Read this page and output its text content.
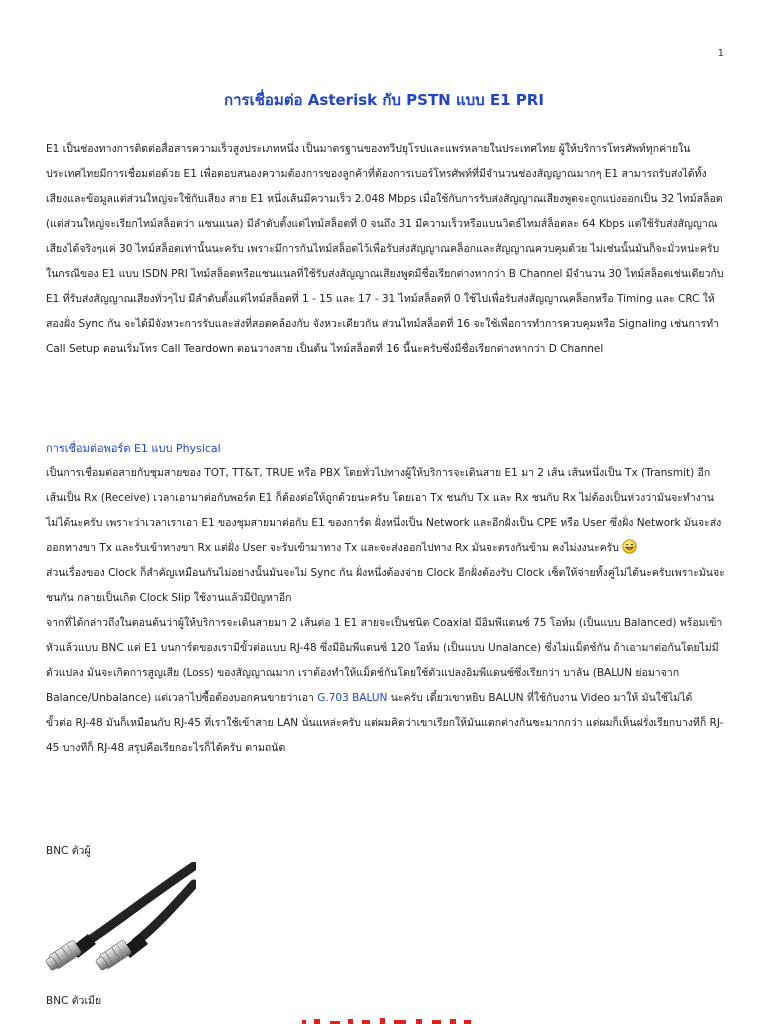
1
การเชื่อมต่อ Asterisk กับ PSTN แบบ E1 PRI

E1 เป็นช่องทางการติดต่อสื่อสารความเร็วสูงประเภทหนึ่ง เป็นมาตรฐานของทวีปยุโรปและแพร่หลายในประเทศไทย ผู้ให้บริการโทรศัพท์ทุกค่ายในประเทศไทยมีการเชื่อมต่อด้วย E1 เพื่อตอบสนองความต้องการของลูกค้าที่ต้องการเบอร์โทรศัพท์ที่มีจำนวนช่องสัญญาณมากๆ E1 สามารถรับส่งได้ทั้งเสียงและข้อมูลแต่ส่วนใหญ่จะใช้กับเสียง สาย E1 หนึ่งเส้นมีความเร็ว 2.048 Mbps เมื่อใช้กับการรับส่งสัญญาณเสียงพูดจะถูกแบ่งออกเป็น 32 ไทม์สล็อต (แต่ส่วนใหญ่จะเรียกไทม์สล็อตว่า แชนแนล) มีลำดับตั้งแต่ไทม์สล็อตที่ 0 จนถึง 31 มีความเร็วหรือแบนวิดธ์ไทมส์ล็อตละ 64 Kbps แต่ใช้รับส่งสัญญาณเสียงได้จริงๆแค่ 30 ไทม์สล็อตเท่านั้นนะครับ เพราะมีการกันไทม์สล็อตไว้เพื่อรับส่งสัญญาณคล็อกและสัญญาณควบคุมด้วย ไม่เช่นนั้นมันก็จะมั่วหน่ะครับ

ในกรณีของ E1 แบบ ISDN PRI ไทม์สล็อตหรือแชนแนลที่ใช้รับส่งสัญญาณเสียงพูดมีชื่อเรียกต่างหากว่า B Channel มีจำนวน 30 ไทม์สล็อตเช่นเดียวกับ E1 ที่รับส่งสัญญาณเสียงทั่วๆไป มีลำดับตั้งแต่ไทม์สล็อตที่ 1 - 15 และ 17 - 31 ไทม์สล็อตที่ 0 ใช้ไปเพื่อรับส่งสัญญาณคล็อกหรือ Timing และ CRC ให้สองฝั่ง Sync กัน จะได้มีจังหวะการรับและส่งที่สอดคล้องกับ จังหวะเดียวกัน ส่วนไทม์สล็อตที่ 16 จะใช้เพื่อการทำการควบคุมหรือ Signaling เช่นการทำ Call Setup ตอนเริ่มโทร Call Teardown ตอนวางสาย เป็นต้น ไทม์สล็อตที่ 16 นี้นะครับซึ่งมีชื่อเรียกต่างหากว่า D Channel

การเชื่อมต่อพอร์ต E1 แบบ Physical

เป็นการเชื่อมต่อสายกับชุมสายของ TOT, TT&T, TRUE หรือ PBX โดยทั่วไปทางผู้ให้บริการจะเดินสาย E1 มา 2 เส้น เส้นหนึ่งเป็น Tx (Transmit) อีกเส้นเป็น Rx (Receive) เวลาเอามาต่อกับพอร์ต E1 ก็ต้องต่อให้ถูกด้วยนะครับ โดยเอา Tx ชนกับ Tx และ Rx ชนกับ Rx ไม่ต้องเป็นห่วงว่ามันจะทำงานไม่ได้นะครับ เพราะว่าเวลาเราเอา E1 ของชุมสายมาต่อกับ E1 ของการ์ด ฝั่งหนึ่งเป็น Network และอีกฝั่งเป็น CPE หรือ User ซึ่งฝั่ง Network มันจะส่งออกทางขา Tx และรับเข้าทางขา Rx แต่ฝั่ง User จะรับเข้ามาทาง Tx และจะส่งออกไปทาง Rx มันจะตรงกันข้าม คงไม่งงนะครับ

ส่วนเรื่องของ Clock ก็สำคัญเหมือนกันไม่อย่างนั้นมันจะไม่ Sync กัน ฝั่งหนึ่งต้องจ่าย Clock อีกฝั่งต้องรับ Clock เซ็ตให้จ่ายทั้งคู่ไม่ได้นะครับเพราะมันจะชนกัน กลายเป็นเกิด Clock Slip ใช้งานแล้วมีปัญหาอีก

จากที่ได้กล่าวถึงในตอนต้นว่าผู้ให้บริการจะเดินสายมา 2 เส้นต่อ 1 E1 สายจะเป็นชนิด Coaxial มีอิมพีแดนซ์ 75 โอห์ม (เป็นแบบ Balanced) พร้อมเข้าหัวแล้วแบบ BNC แต่ E1 บนการ์ดของเรามีขั้วต่อแบบ RJ-48 ซึ่งมีอิมพีแดนซ์ 120 โอห์ม (เป็นแบบ Unalance) ซึ่งไม่แม็ตช์กัน ถ้าเอามาต่อกันโดยไม่มีตัวแปลง มันจะเกิดการสูญเสีย (Loss) ของสัญญาณมาก เราต้องทำให้แม็ตช์กันโดยใช้ตัวแปลงอิมพีแดนซ์ซึ่งเรียกว่า บาลัน (BALUN ย่อมาจาก Balance/Unbalance) แต่เวลาไปซื้อต้องบอกคนขายว่าเอา G.703 BALUN นะครับ เดี๋ยวเขาหยิบ BALUN ที่ใช้กับงาน Video มาให้ มันใช้ไม่ได้

ขั้วต่อ RJ-48 มันก็เหมือนกับ RJ-45 ที่เราใช้เข้าสาย LAN นั่นแหล่ะครับ แต่ผมคิดว่าเขาเรียกให้มันแตกต่างกันซะมากกว่า แต่ผมก็เห็นฝรั่งเรียกบางทีก็ RJ-45 บางทีก็ RJ-48 สรุปคือเรียกอะไรก็ได้ครับ ตามถนัด

BNC ตัวผู้

BNC ตัวเมีย
